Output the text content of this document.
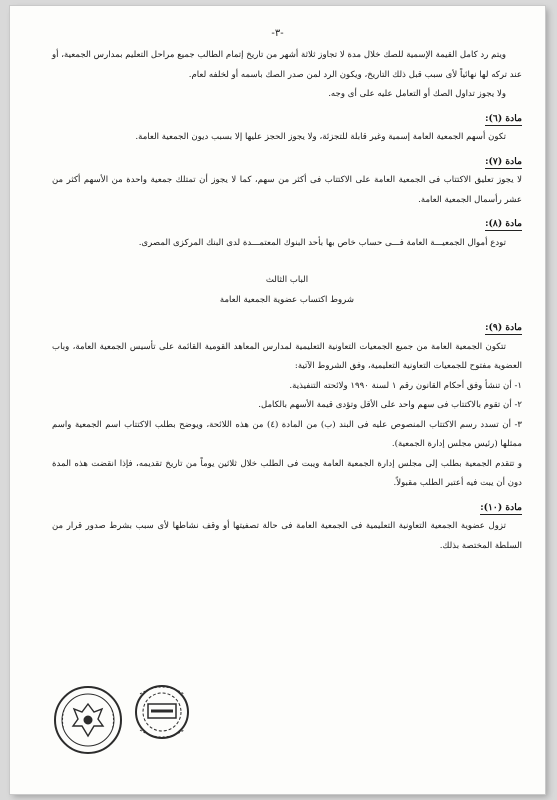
-٣-

ويتم رد كامل القيمة الإسمية للصك خلال مدة لا تجاوز ثلاثة أشهر من تاريخ إتمام الطالب جميع مراحل التعليم بمدارس الجمعية، أو عند تركه لها نهائياً لأى سبب قبل ذلك التاريخ، ويكون الرد لمن صدر الصك باسمه أو لخلفه لعام.

ولا يجوز تداول الصك أو التعامل عليه على أى وجه.

مادة (٦):

تكون أسهم الجمعية العامة إسمية وغير قابلة للتجزئة، ولا يجوز الحجز عليها إلا بسبب ديون الجمعية العامة.

مادة (٧):

لا يجوز تعليق الاكتتاب فى الجمعية العامة على الاكتتاب فى أكثر من سهم، كما لا يجوز أن تمتلك جمعية واحدة من الأسهم أكثر من عشر رأسمال الجمعية العامة.

مادة (٨):

تودع أموال الجمعيـــة العامة فـــى حساب خاص بها بأحد البنوك المعتمـــدة لدى البنك المركزى المصرى.

الباب الثالث
شروط اكتساب عضوية الجمعية العامة
مادة (٩):

تتكون الجمعية العامة من جميع الجمعيات التعاونية التعليمية لمدارس المعاهد القومية القائمة على تأسيس الجمعية العامة، وباب العضوية مفتوح للجمعيات التعاونية التعليمية، وفق الشروط الآتية:

١- أن تنشأ وفق أحكام القانون رقم ١ لسنة ١٩٩٠ ولائحته التنفيذية.

٢- أن تقوم بالاكتتاب فى سهم واحد على الأقل وتؤدى قيمة الأسهم بالكامل.

٣- أن تسدد رسم الاكتتاب المنصوص عليه فى البند (ب) من المادة (٤) من هذه اللائحة، ويوضح بطلب الاكتتاب اسم الجمعية واسم ممثلها (رئيس مجلس إدارة الجمعية).

و تتقدم الجمعية بطلب إلى مجلس إدارة الجمعية العامة ويبت فى الطلب خلال ثلاثين يوماً من تاريخ تقديمه، فإذا انقضت هذه المدة دون أن يبت فيه أعتبر الطلب مقبولاً.

مادة (١٠):

تزول عضوية الجمعية التعاونية التعليمية فى الجمعية العامة فى حالة تصفيتها أو وقف نشاطها لأى سبب بشرط صدور قرار من السلطة المختصة بذلك.
